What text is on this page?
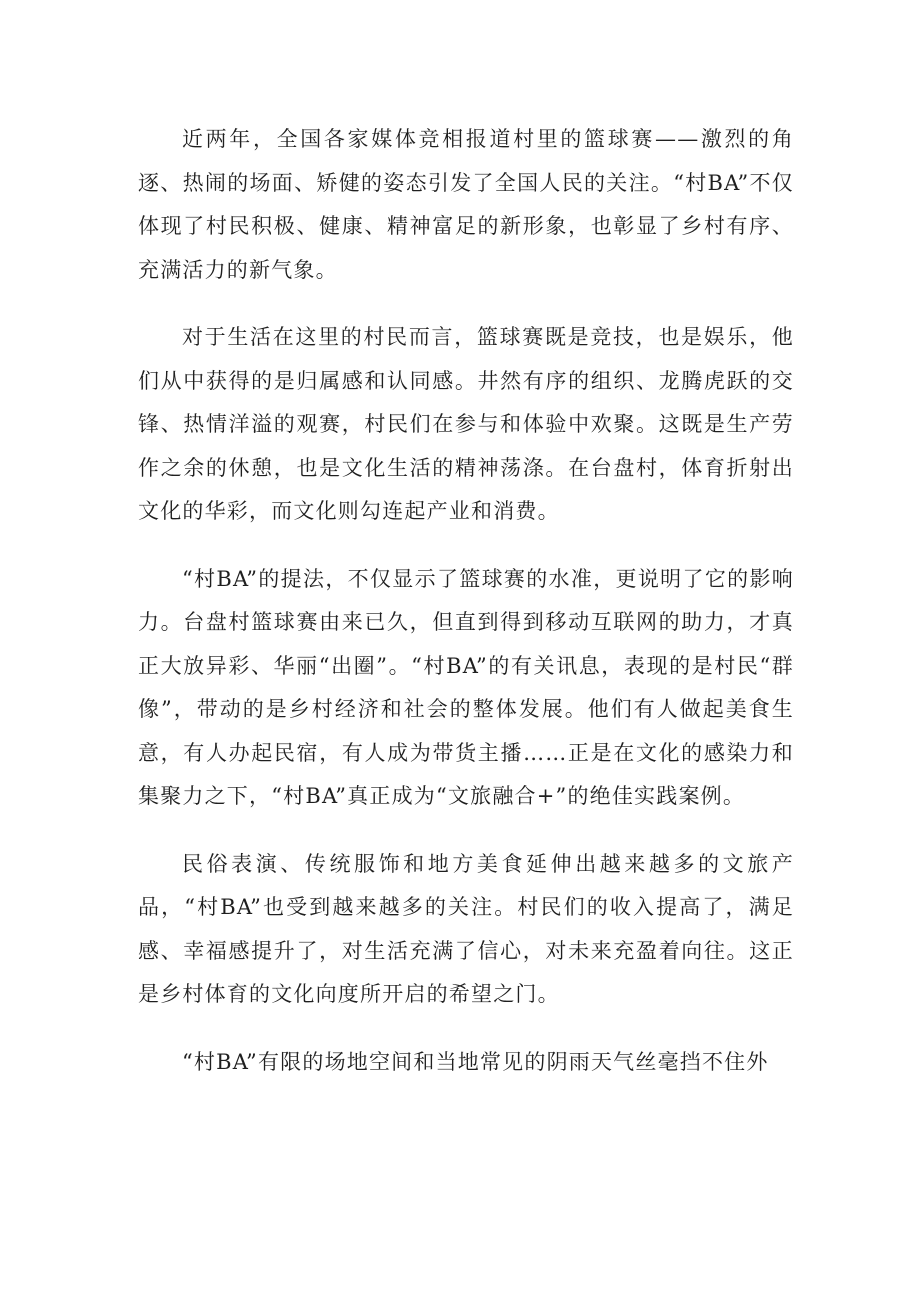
近两年，全国各家媒体竞相报道村里的篮球赛——激烈的角逐、热闹的场面、矫健的姿态引发了全国人民的关注。“村BA”不仅体现了村民积极、健康、精神富足的新形象，也彰显了乡村有序、充满活力的新气象。

对于生活在这里的村民而言，篮球赛既是竞技，也是娱乐，他们从中获得的是归属感和认同感。井然有序的组织、龙腾虎跃的交锋、热情洋溢的观赛，村民们在参与和体验中欢聚。这既是生产劳作之余的休憩，也是文化生活的精神荡涤。在台盘村，体育折射出文化的华彩，而文化则勾连起产业和消费。

“村BA”的提法，不仅显示了篮球赛的水准，更说明了它的影响力。台盘村篮球赛由来已久，但直到得到移动互联网的助力，才真正大放异彩、华丽“出圈”。“村BA”的有关讯息，表现的是村民“群像”，带动的是乡村经济和社会的整体发展。他们有人做起美食生意，有人办起民宿，有人成为带货主播……正是在文化的感染力和集聚力之下，“村BA”真正成为“文旅融合+”的绝佳实践案例。

民俗表演、传统服饰和地方美食延伸出越来越多的文旅产品，“村BA”也受到越来越多的关注。村民们的收入提高了，满足感、幸福感提升了，对生活充满了信心，对未来充盈着向往。这正是乡村体育的文化向度所开启的希望之门。

“村BA”有限的场地空间和当地常见的阴雨天气丝毫挡不住外
